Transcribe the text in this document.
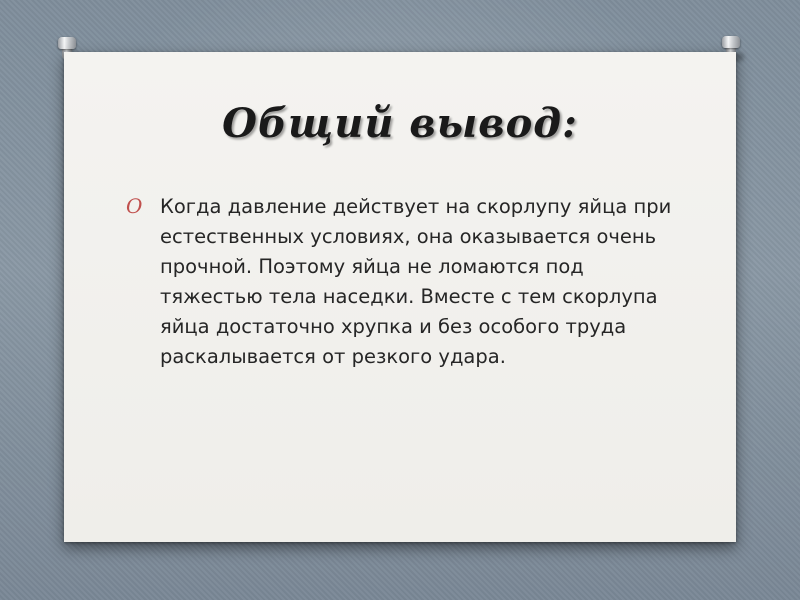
Общий вывод:
O Когда давление действует на скорлупу яйца при естественных условиях, она оказывается очень прочной. Поэтому яйца не ломаются под тяжестью тела наседки. Вместе с тем скорлупа яйца достаточно хрупка и без особого труда раскалывается от резкого удара.
